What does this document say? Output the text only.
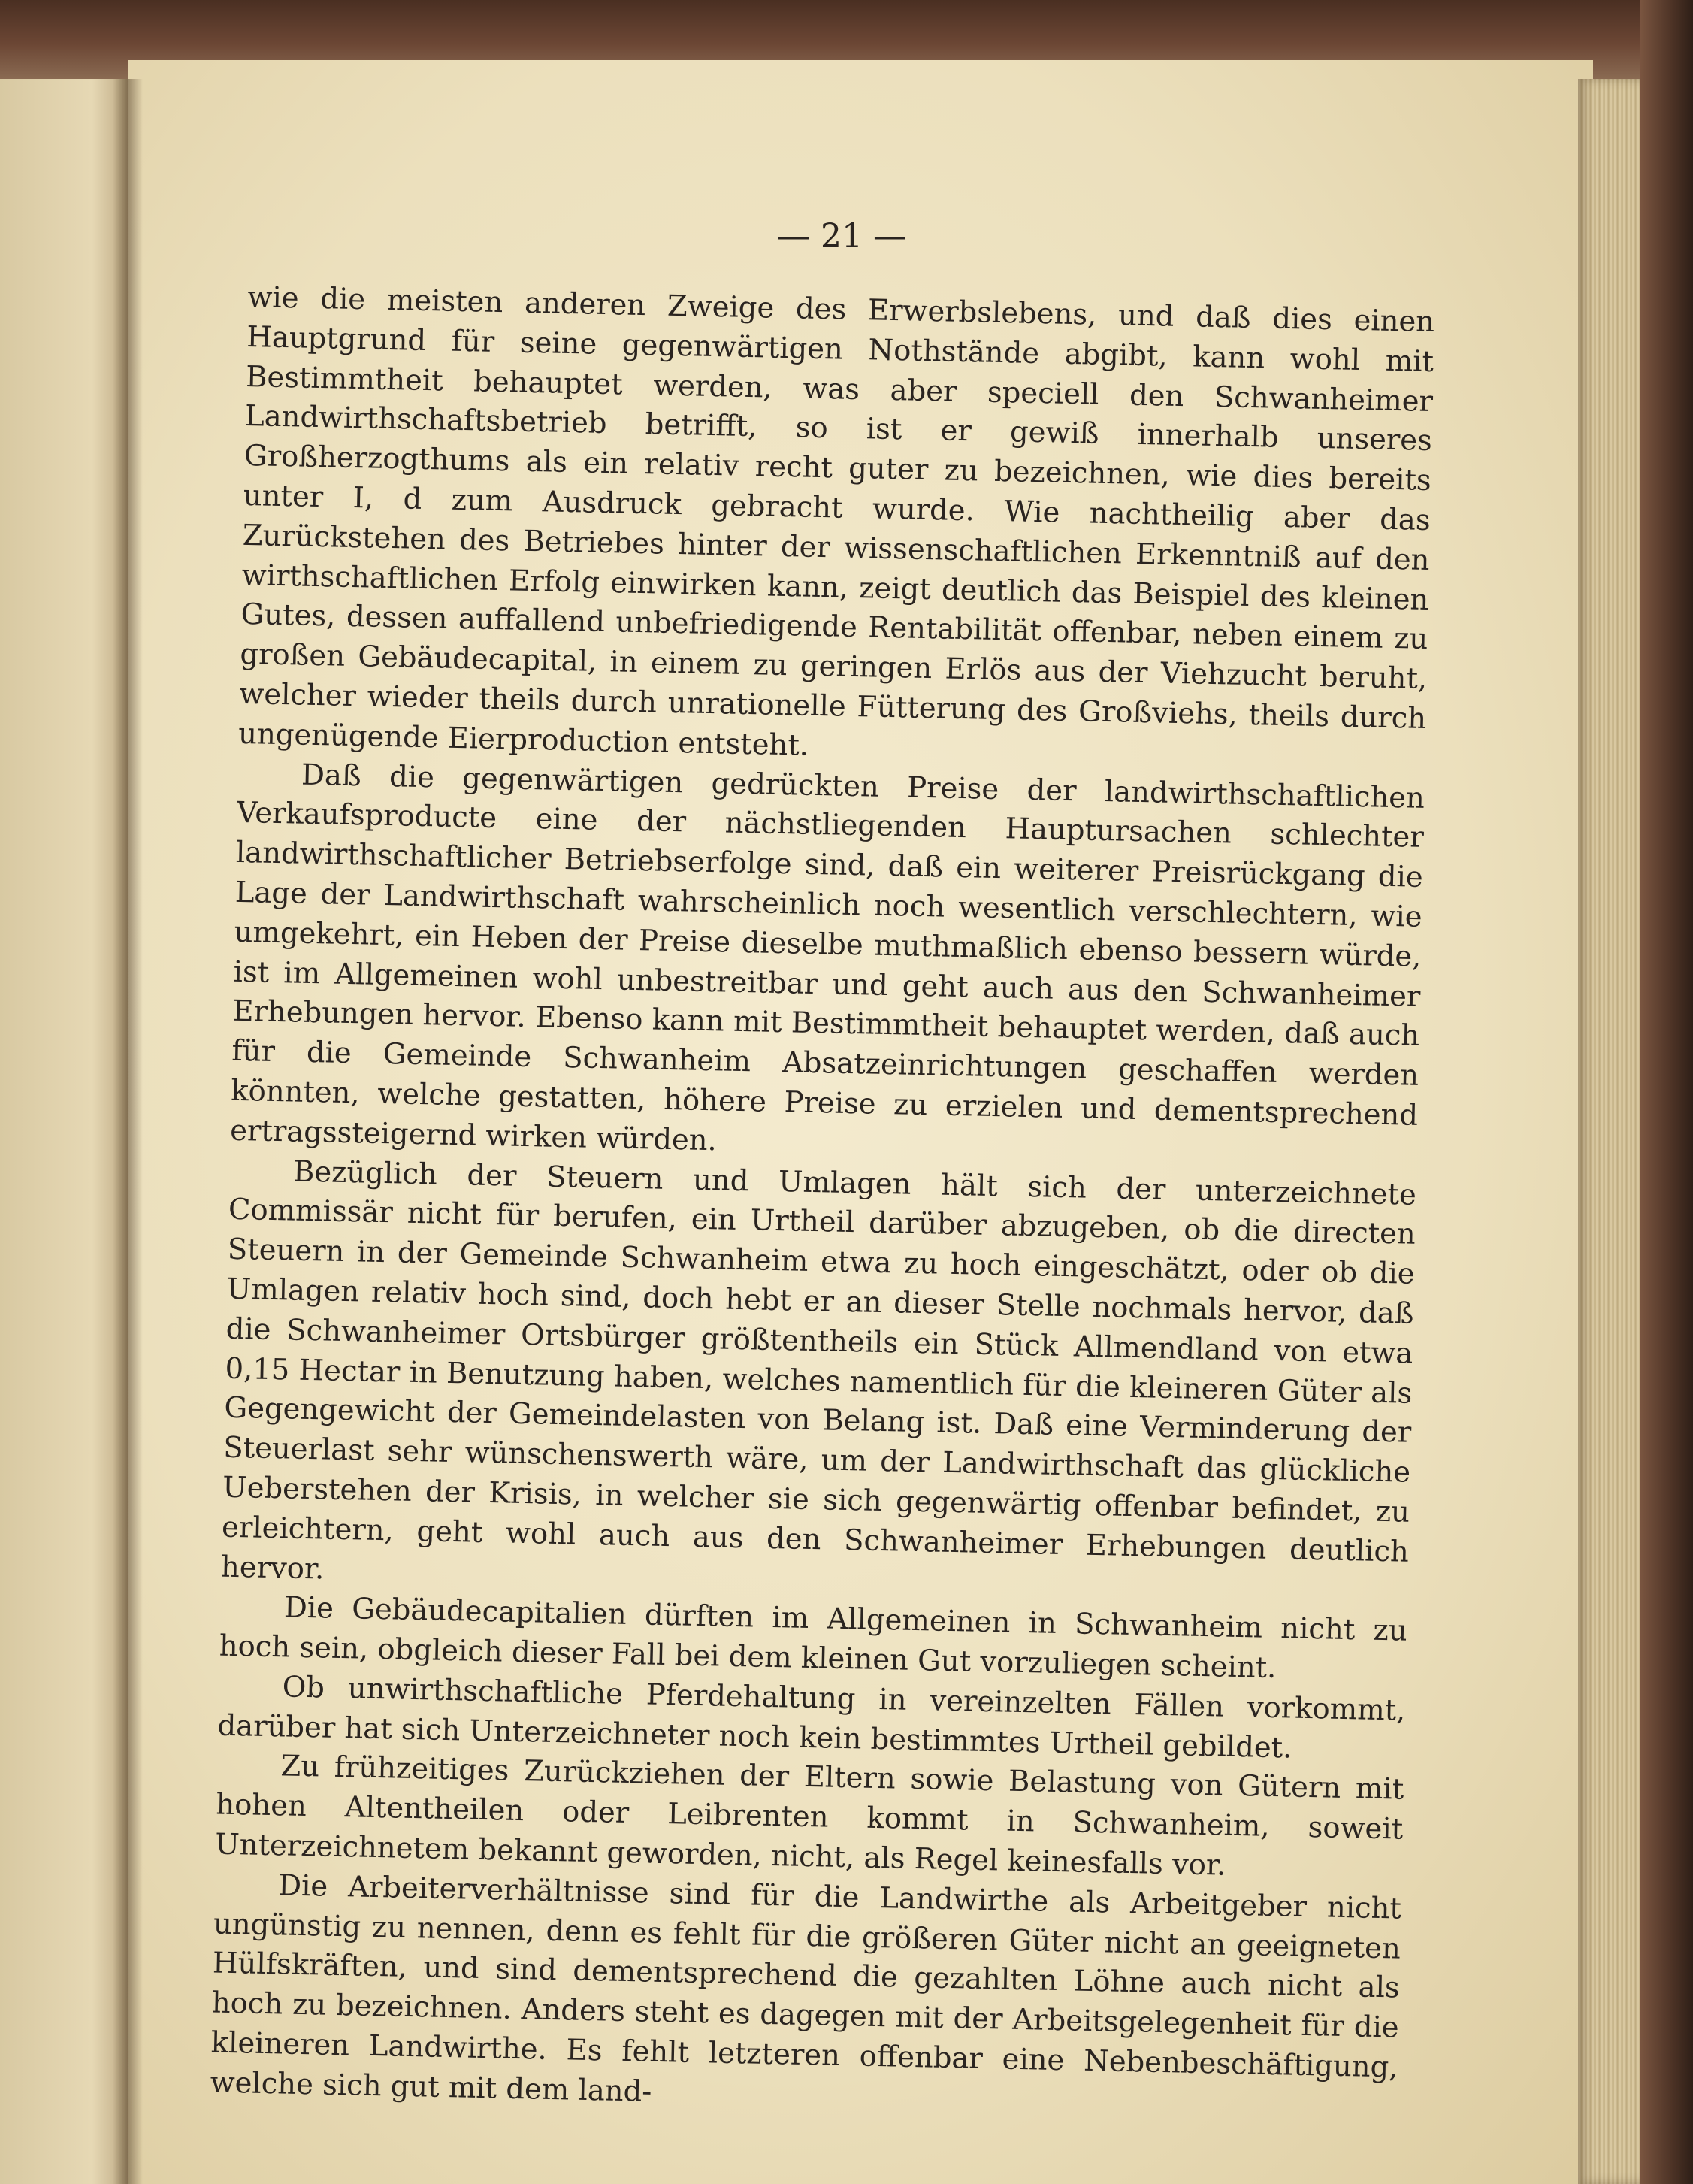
— 21 —

wie die meisten anderen Zweige des Erwerbslebens, und daß dies einen Hauptgrund für seine gegenwärtigen Nothstände abgibt, kann wohl mit Bestimmtheit behauptet werden, was aber speciell den Schwanheimer Landwirthschaftsbetrieb betrifft, so ist er gewiß innerhalb unseres Großherzogthums als ein relativ recht guter zu bezeichnen, wie dies bereits unter I, d zum Ausdruck gebracht wurde. Wie nachtheilig aber das Zurückstehen des Betriebes hinter der wissenschaftlichen Erkenntniß auf den wirthschaftlichen Erfolg einwirken kann, zeigt deutlich das Beispiel des kleinen Gutes, dessen auffallend unbefriedigende Rentabilität offenbar, neben einem zu großen Gebäudecapital, in einem zu geringen Erlös aus der Viehzucht beruht, welcher wieder theils durch unrationelle Fütterung des Großviehs, theils durch ungenügende Eierproduction entsteht.

Daß die gegenwärtigen gedrückten Preise der landwirthschaftlichen Verkaufsproducte eine der nächstliegenden Hauptursachen schlechter landwirthschaftlicher Betriebserfolge sind, daß ein weiterer Preisrückgang die Lage der Landwirthschaft wahrscheinlich noch wesentlich verschlechtern, wie umgekehrt, ein Heben der Preise dieselbe muthmaßlich ebenso bessern würde, ist im Allgemeinen wohl unbestreitbar und geht auch aus den Schwanheimer Erhebungen hervor. Ebenso kann mit Bestimmtheit behauptet werden, daß auch für die Gemeinde Schwanheim Absatzeinrichtungen geschaffen werden könnten, welche gestatten, höhere Preise zu erzielen und dementsprechend ertragssteigernd wirken würden.

Bezüglich der Steuern und Umlagen hält sich der unterzeichnete Commissär nicht für berufen, ein Urtheil darüber abzugeben, ob die directen Steuern in der Gemeinde Schwanheim etwa zu hoch eingeschätzt, oder ob die Umlagen relativ hoch sind, doch hebt er an dieser Stelle nochmals hervor, daß die Schwanheimer Ortsbürger größtentheils ein Stück Allmendland von etwa 0,15 Hectar in Benutzung haben, welches namentlich für die kleineren Güter als Gegengewicht der Gemeindelasten von Belang ist. Daß eine Verminderung der Steuerlast sehr wünschenswerth wäre, um der Landwirthschaft das glückliche Ueberstehen der Krisis, in welcher sie sich gegenwärtig offenbar befindet, zu erleichtern, geht wohl auch aus den Schwanheimer Erhebungen deutlich hervor.

Die Gebäudecapitalien dürften im Allgemeinen in Schwanheim nicht zu hoch sein, obgleich dieser Fall bei dem kleinen Gut vorzuliegen scheint.

Ob unwirthschaftliche Pferdehaltung in vereinzelten Fällen vorkommt, darüber hat sich Unterzeichneter noch kein bestimmtes Urtheil gebildet.

Zu frühzeitiges Zurückziehen der Eltern sowie Belastung von Gütern mit hohen Altentheilen oder Leibrenten kommt in Schwanheim, soweit Unterzeichnetem bekannt geworden, nicht, als Regel keinesfalls vor.

Die Arbeiterverhältnisse sind für die Landwirthe als Arbeitgeber nicht ungünstig zu nennen, denn es fehlt für die größeren Güter nicht an geeigneten Hülfskräften, und sind dementsprechend die gezahlten Löhne auch nicht als hoch zu bezeichnen. Anders steht es dagegen mit der Arbeitsgelegenheit für die kleineren Landwirthe. Es fehlt letzteren offenbar eine Nebenbeschäftigung, welche sich gut mit dem land-
